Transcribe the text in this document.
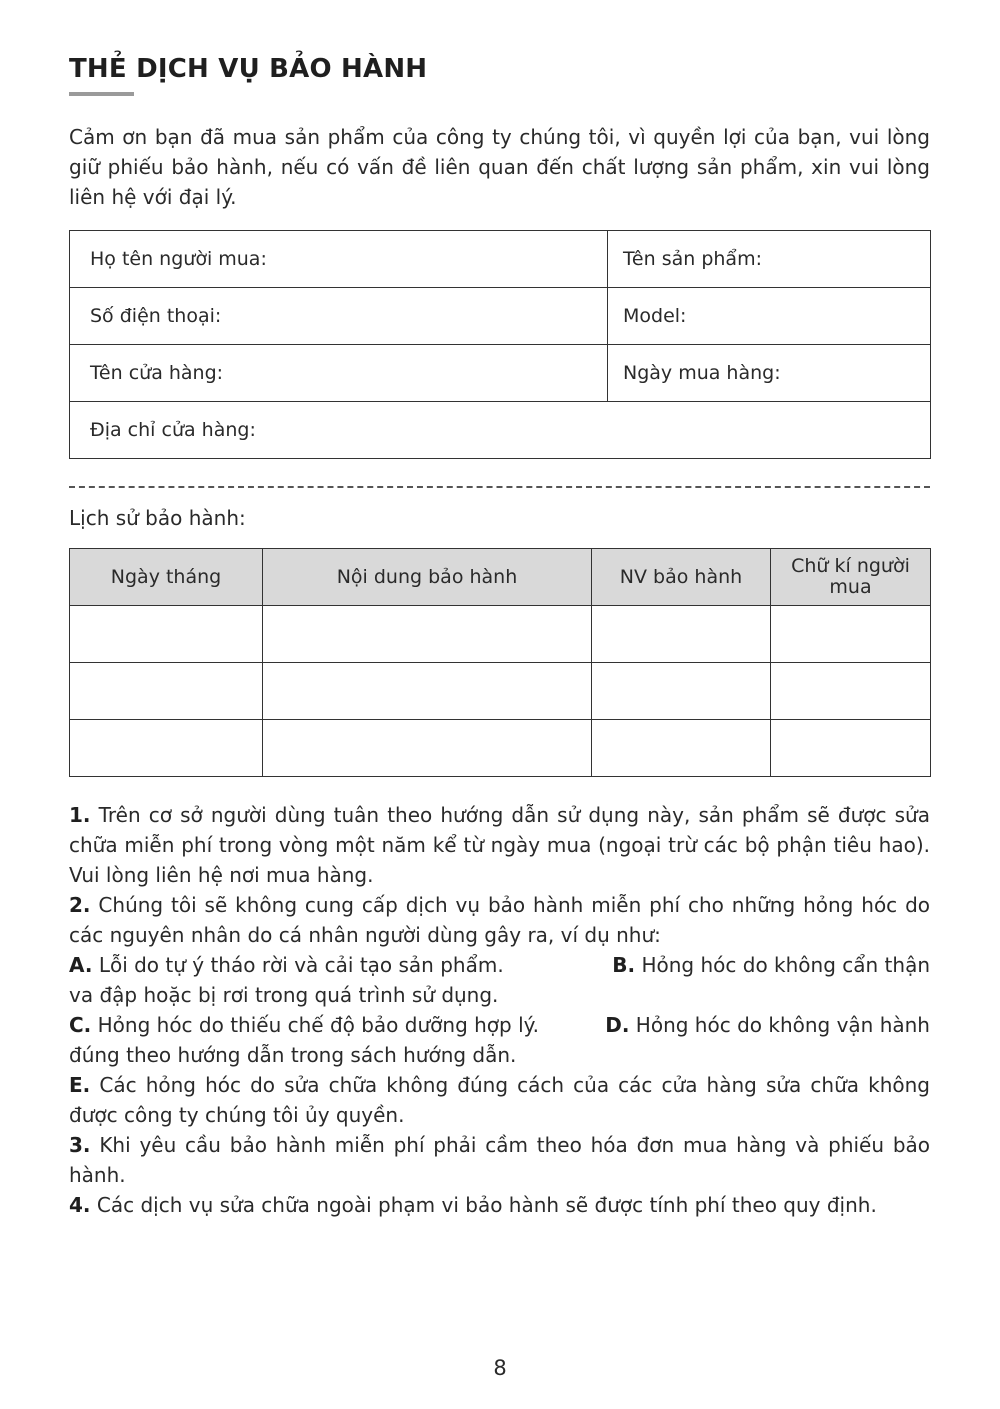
THẺ DỊCH VỤ BẢO HÀNH
Cảm ơn bạn đã mua sản phẩm của công ty chúng tôi, vì quyền lợi của bạn, vui lòng giữ phiếu bảo hành, nếu có vấn đề liên quan đến chất lượng sản phẩm, xin vui lòng liên hệ với đại lý.
Họ tên người mua:	Tên sản phẩm:
Số điện thoại:	Model:
Tên cửa hàng:	Ngày mua hàng:
Địa chỉ cửa hàng:	
Lịch sử bảo hành:
Ngày tháng	Nội dung bảo hành	NV bảo hành	Chữ kí người mua

1. Trên cơ sở người dùng tuân theo hướng dẫn sử dụng này, sản phẩm sẽ được sửa chữa miễn phí trong vòng một năm kể từ ngày mua (ngoại trừ các bộ phận tiêu hao). Vui lòng liên hệ nơi mua hàng.

2. Chúng tôi sẽ không cung cấp dịch vụ bảo hành miễn phí cho những hỏng hóc do các nguyên nhân do cá nhân người dùng gây ra, ví dụ như:

A. Lỗi do tự ý tháo rời và cải tạo sản phẩm.	B. Hỏng hóc do không cẩn thận

va đập hoặc bị rơi trong quá trình sử dụng.

C. Hỏng hóc do thiếu chế độ bảo dưỡng hợp lý.	D. Hỏng hóc do không vận hành

đúng theo hướng dẫn trong sách hướng dẫn.

E. Các hỏng hóc do sửa chữa không đúng cách của các cửa hàng sửa chữa không được công ty chúng tôi ủy quyền.

3. Khi yêu cầu bảo hành miễn phí phải cầm theo hóa đơn mua hàng và phiếu bảo hành.

4. Các dịch vụ sửa chữa ngoài phạm vi bảo hành sẽ được tính phí theo quy định.

8
